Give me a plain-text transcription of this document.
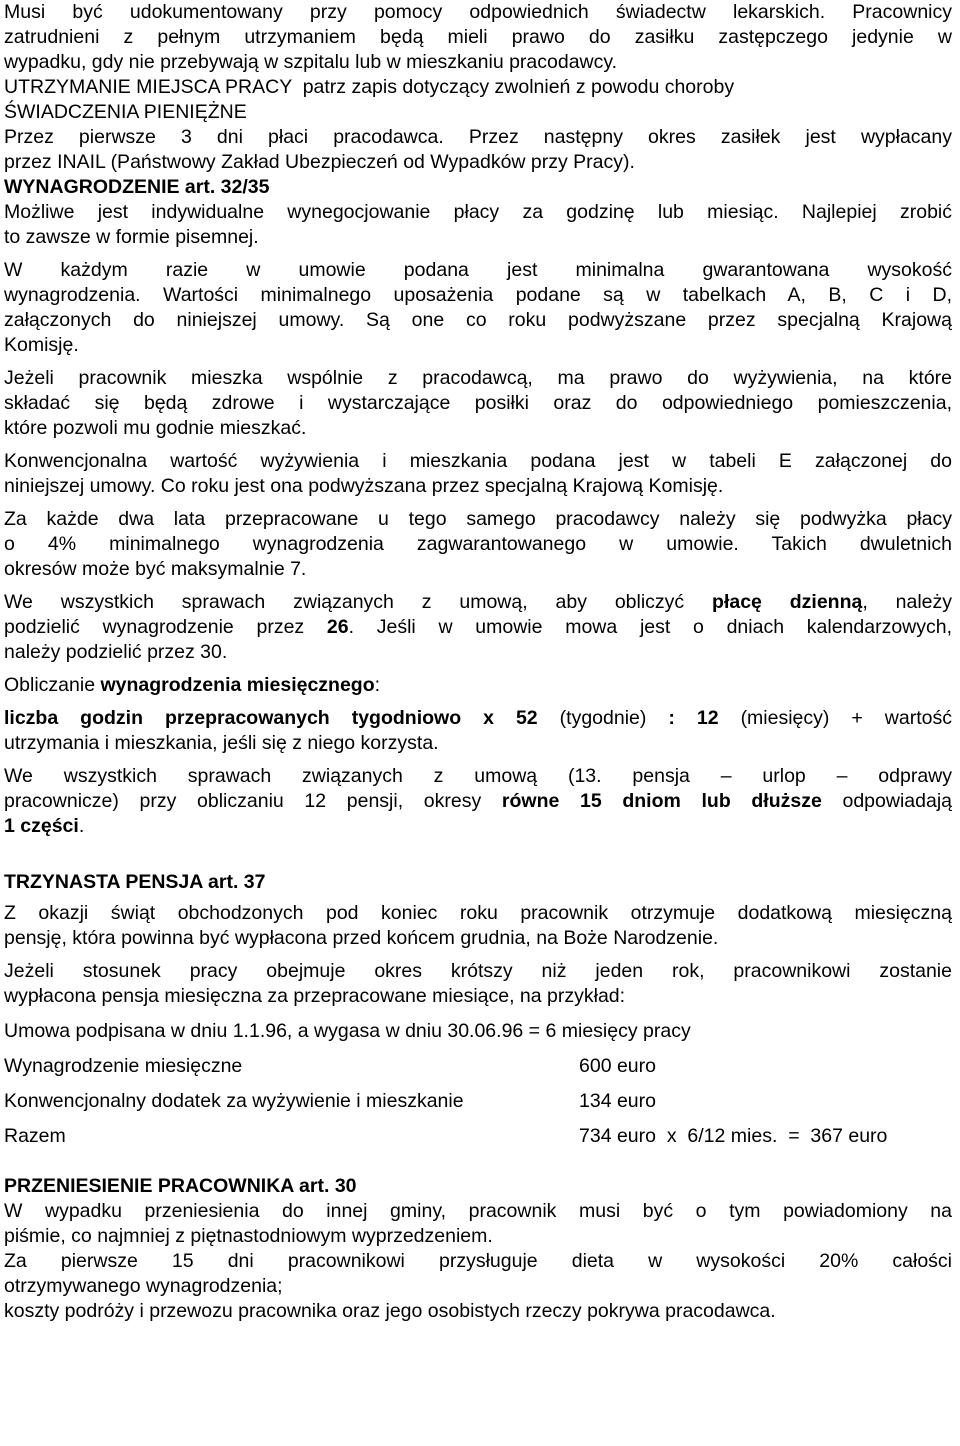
Musi być udokumentowany przy pomocy odpowiednich świadectw lekarskich. Pracownicy
zatrudnieni z pełnym utrzymaniem będą mieli prawo do zasiłku zastępczego jedynie w
wypadku, gdy nie przebywają w szpitalu lub w mieszkaniu pracodawcy.
UTRZYMANIE MIEJSCA PRACY  patrz zapis dotyczący zwolnień z powodu choroby
ŚWIADCZENIA PIENIĘŻNE
Przez pierwsze 3 dni płaci pracodawca. Przez następny okres zasiłek jest wypłacany
przez INAIL (Państwowy Zakład Ubezpieczeń od Wypadków przy Pracy).
WYNAGRODZENIE art. 32/35
Możliwe jest indywidualne wynegocjowanie płacy za godzinę lub miesiąc. Najlepiej zrobić
to zawsze w formie pisemnej.
W każdym razie w umowie podana jest minimalna gwarantowana wysokość
wynagrodzenia. Wartości minimalnego uposażenia podane są w tabelkach A, B, C i D,
załączonych do niniejszej umowy. Są one co roku podwyższane przez specjalną Krajową
Komisję.
Jeżeli pracownik mieszka wspólnie z pracodawcą, ma prawo do wyżywienia, na które
składać się będą zdrowe i wystarczające posiłki oraz do odpowiedniego pomieszczenia,
które pozwoli mu godnie mieszkać.
Konwencjonalna wartość wyżywienia i mieszkania podana jest w tabeli E załączonej do
niniejszej umowy. Co roku jest ona podwyższana przez specjalną Krajową Komisję.
Za każde dwa lata przepracowane u tego samego pracodawcy należy się podwyżka płacy
o 4% minimalnego wynagrodzenia zagwarantowanego w umowie. Takich dwuletnich
okresów może być maksymalnie 7.
We wszystkich sprawach związanych z umową, aby obliczyć płacę dzienną, należy
podzielić wynagrodzenie przez 26. Jeśli w umowie mowa jest o dniach kalendarzowych,
należy podzielić przez 30.
Obliczanie wynagrodzenia miesięcznego:
liczba godzin przepracowanych tygodniowo x 52 (tygodnie) : 12 (miesięcy) + wartość
utrzymania i mieszkania, jeśli się z niego korzysta.
We wszystkich sprawach związanych z umową (13. pensja – urlop – odprawy
pracownicze) przy obliczaniu 12 pensji, okresy równe 15 dniom lub dłuższe odpowiadają
1 części.
TRZYNASTA PENSJA art. 37
Z okazji świąt obchodzonych pod koniec roku pracownik otrzymuje dodatkową miesięczną
pensję, która powinna być wypłacona przed końcem grudnia, na Boże Narodzenie.
Jeżeli stosunek pracy obejmuje okres krótszy niż jeden rok, pracownikowi zostanie
wypłacona pensja miesięczna za przepracowane miesiące, na przykład:
Umowa podpisana w dniu 1.1.96, a wygasa w dniu 30.06.96 = 6 miesięcy pracy
Wynagrodzenie miesięczne	600 euro
Konwencjonalny dodatek za wyżywienie i mieszkanie	134 euro
Razem	734 euro  x  6/12 mies.  =  367 euro
PRZENIESIENIE PRACOWNIKA art. 30
W wypadku przeniesienia do innej gminy, pracownik musi być o tym powiadomiony na
piśmie, co najmniej z piętnastodniowym wyprzedzeniem.
Za pierwsze 15 dni pracownikowi przysługuje dieta w wysokości 20% całości
otrzymywanego wynagrodzenia;
koszty podróży i przewozu pracownika oraz jego osobistych rzeczy pokrywa pracodawca.
